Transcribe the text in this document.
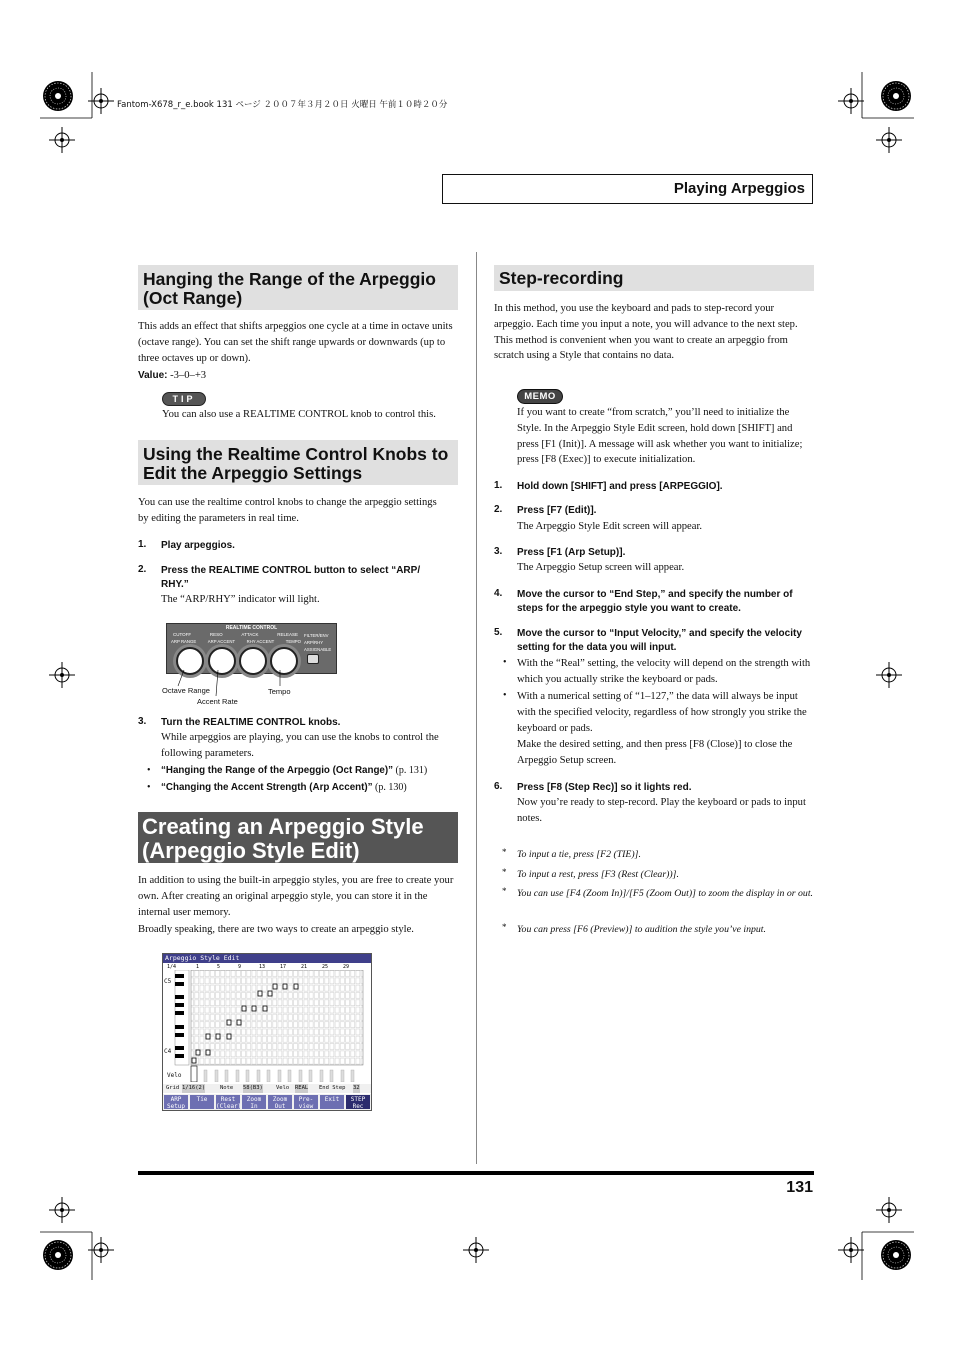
Fantom-X678_r_e.book 131 ページ ２００７年３月２０日 火曜日 午前１０時２０分
Playing Arpeggios
Hanging the Range of the Arpeggio (Oct Range)
This adds an effect that shifts arpeggios one cycle at a time in octave units (octave range). You can set the shift range upwards or downwards (up to three octaves up or down).
Value: -3–0–+3
TIP
You can also use a REALTIME CONTROL knob to control this.
Using the Realtime Control Knobs to Edit the Arpeggio Settings
You can use the realtime control knobs to change the arpeggio settings by editing the parameters in real time.
1. Play arpeggios.
2. Press the REALTIME CONTROL button to select “ARP/ RHY.”
The “ARP/RHY” indicator will light.
REALTIME CONTROL
CUTOFF	RESO	ATTACK	RELEASE
ARP RANGE	ARP ACCENT	RHY ACCENT	TEMPO
FILTER/ENV
ARP/RHY
ASSIGNABLE
Octave Range
Accent Rate
Tempo
3. Turn the REALTIME CONTROL knobs.
While arpeggios are playing, you can use the knobs to control the following parameters.
• “Hanging the Range of the Arpeggio (Oct Range)” (p. 131)
• “Changing the Accent Strength (Arp Accent)” (p. 130)
Creating an Arpeggio Style (Arpeggio Style Edit)
In addition to using the built-in arpeggio styles, you are free to create your own. After creating an original arpeggio style, you can store it in the internal user memory.
Broadly speaking, there are two ways to create an arpeggio style.
Arpeggio Style Edit
1/4	1	5	9	13	17	21	25	29
C5
C4
Velo
Grid 1/16(2)	Note 58(B3) Velo REAL End Step 32
ARP Setup
Tie	Rest (Clear)
Zoom In
Zoom Out
Pre- view
Exit	STEP Rec
Step-recording
In this method, you use the keyboard and pads to step-record your arpeggio. Each time you input a note, you will advance to the next step. This method is convenient when you want to create an arpeggio from scratch using a Style that contains no data.
MEMO
If you want to create “from scratch,” you’ll need to initialize the Style. In the Arpeggio Style Edit screen, hold down [SHIFT] and press [F1 (Init)]. A message will ask whether you want to initialize; press [F8 (Exec)] to execute initialization.
1. Hold down [SHIFT] and press [ARPEGGIO].
2. Press [F7 (Edit)].
The Arpeggio Style Edit screen will appear.
3. Press [F1 (Arp Setup)].
The Arpeggio Setup screen will appear.
4. Move the cursor to “End Step,” and specify the number of steps for the arpeggio style you want to create.
5. Move the cursor to “Input Velocity,” and specify the velocity setting for the data you will input.
• With the “Real” setting, the velocity will depend on the strength with which you actually strike the keyboard or pads.
• With a numerical setting of “1–127,” the data will always be input with the specified velocity, regardless of how strongly you strike the keyboard or pads.
Make the desired setting, and then press [F8 (Close)] to close the Arpeggio Setup screen.
6. Press [F8 (Step Rec)] so it lights red.
Now you’re ready to step-record. Play the keyboard or pads to input notes.
* To input a tie, press [F2 (TIE)].
* To input a rest, press [F3 (Rest (Clear))].
* You can use [F4 (Zoom In)]/[F5 (Zoom Out)] to zoom the display in or out.
* You can press [F6 (Preview)] to audition the style you’ve input.
131
